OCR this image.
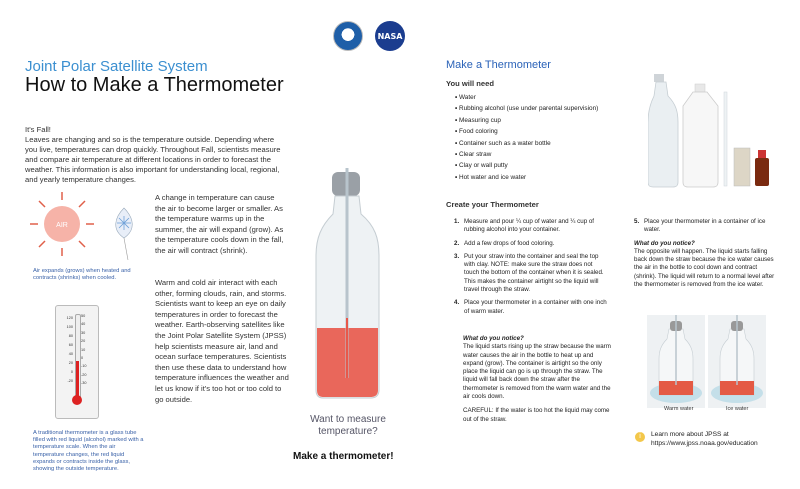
NASA
Joint Polar Satellite System
How to Make a Thermometer
It's Fall!
Leaves are changing and so is the temperature outside. Depending where you live, temperatures can drop quickly. Throughout Fall, scientists measure and compare air temperature at different locations in order to forecast the weather. This information is also important for understanding local, regional, and yearly temperature changes.
AIR
Air expands (grows) when heated and contracts (shrinks) when cooled.
A change in temperature can cause the air to become larger or smaller. As the temperature warms up in the summer, the air will expand (grow). As the temperature cools down in the fall, the air will contract (shrink).
Warm and cold air interact with each other, forming clouds, rain, and storms. Scientists want to keep an eye on daily temperatures in order to forecast the weather. Earth-observing satellites like the Joint Polar Satellite System (JPSS) help scientists measure air, land and ocean surface temperatures. Scientists then use these data to understand how temperature influences the weather and let us know if it's too hot or too cold to go outside.
120
100
80
60
40
20
0
-20
50
40
30
20
10
0
-10
-20
-30
A traditional thermometer is a glass tube filled with red liquid (alcohol) marked with a temperature scale. When the air temperature changes, the red liquid expands or contracts inside the glass, showing the outside temperature.
Want to measure temperature?
Make a thermometer!
Make a Thermometer
You will need
• Water
• Rubbing alcohol (use under parental supervision)
• Measuring cup
• Food coloring
• Container such as a water bottle
• Clear straw
• Clay or wall putty
• Hot water and ice water
Create your Thermometer
1. Measure and pour ¼ cup of water and ¼ cup of rubbing alcohol into your container.
2. Add a few drops of food coloring.
3. Put your straw into the container and seal the top with clay. NOTE: make sure the straw does not touch the bottom of the container when it is sealed. This makes the container airtight so the liquid will travel through the straw.
4. Place your thermometer in a container with one inch of warm water.
What do you notice?
The liquid starts rising up the straw because the warm water causes the air in the bottle to heat up and expand (grow). The container is airtight so the only place the liquid can go is up through the straw. The liquid will fall back down the straw after the thermometer is removed from the warm water and the air cools down.
CAREFUL: If the water is too hot the liquid may come out of the straw.
5. Place your thermometer in a container of ice water.
What do you notice?
The opposite will happen. The liquid starts falling back down the straw because the ice water causes the air in the bottle to cool down and contract (shrink). The liquid will return to a normal level after the thermometer is removed from the ice water.
Warm water	Ice water
i	Learn more about JPSS at
https://www.jpss.noaa.gov/education
